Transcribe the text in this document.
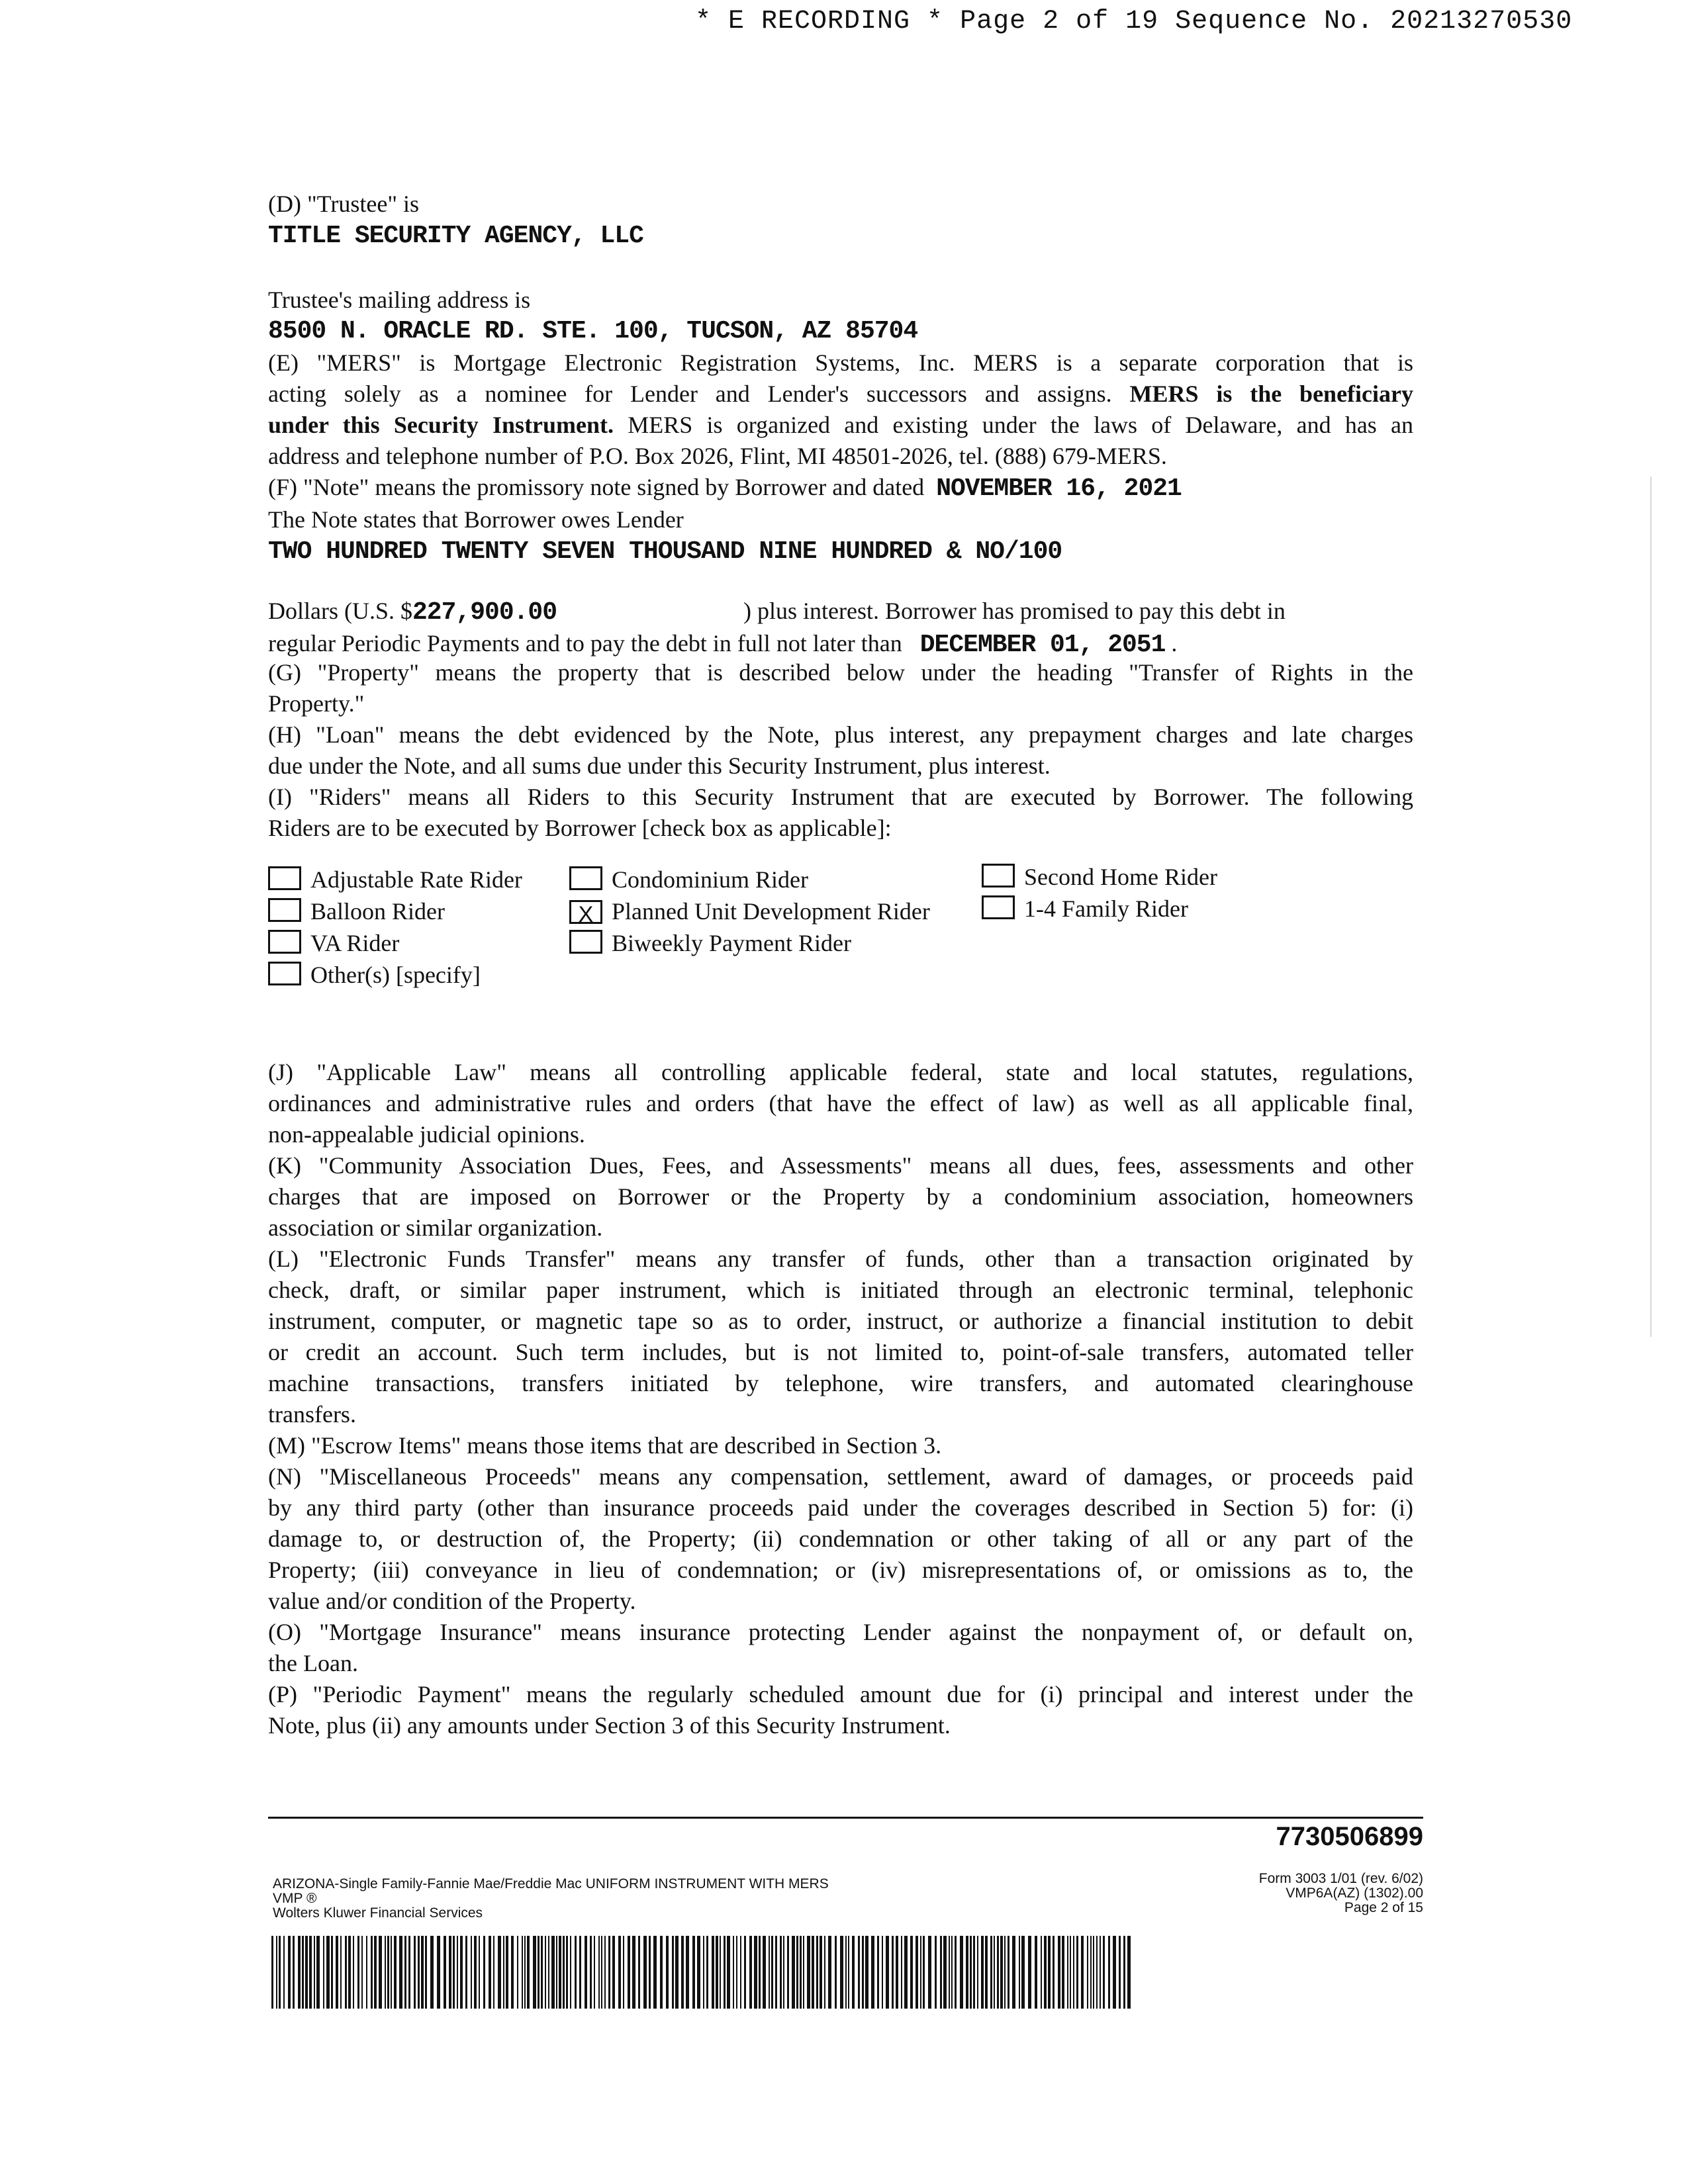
* E RECORDING * Page 2 of 19 Sequence No. 20213270530
(D) "Trustee" is
TITLE SECURITY AGENCY, LLC
Trustee's mailing address is
8500 N. ORACLE RD. STE. 100, TUCSON, AZ 85704
(E) "MERS" is Mortgage Electronic Registration Systems, Inc. MERS is a separate corporation that is
acting solely as a nominee for Lender and Lender's successors and assigns. MERS is the beneficiary
under this Security Instrument. MERS is organized and existing under the laws of Delaware, and has an
address and telephone number of P.O. Box 2026, Flint, MI 48501-2026, tel. (888) 679-MERS.
(F) "Note" means the promissory note signed by Borrower and dated NOVEMBER 16, 2021
The Note states that Borrower owes Lender
TWO HUNDRED TWENTY SEVEN THOUSAND NINE HUNDRED & NO/100
Dollars (U.S. $227,900.00	) plus interest. Borrower has promised to pay this debt in
regular Periodic Payments and to pay the debt in full not later than DECEMBER 01, 2051 .
(G) "Property" means the property that is described below under the heading "Transfer of Rights in the
Property."
(H) "Loan" means the debt evidenced by the Note, plus interest, any prepayment charges and late charges
due under the Note, and all sums due under this Security Instrument, plus interest.
(I) "Riders" means all Riders to this Security Instrument that are executed by Borrower. The following
Riders are to be executed by Borrower [check box as applicable]:
Adjustable Rate Rider	Condominium Rider	Second Home Rider
Balloon Rider	X Planned Unit Development Rider	1-4 Family Rider
VA Rider	Biweekly Payment Rider
Other(s) [specify]
(J) "Applicable Law" means all controlling applicable federal, state and local statutes, regulations,
ordinances and administrative rules and orders (that have the effect of law) as well as all applicable final,
non-appealable judicial opinions.
(K) "Community Association Dues, Fees, and Assessments" means all dues, fees, assessments and other
charges that are imposed on Borrower or the Property by a condominium association, homeowners
association or similar organization.
(L) "Electronic Funds Transfer" means any transfer of funds, other than a transaction originated by
check, draft, or similar paper instrument, which is initiated through an electronic terminal, telephonic
instrument, computer, or magnetic tape so as to order, instruct, or authorize a financial institution to debit
or credit an account. Such term includes, but is not limited to, point-of-sale transfers, automated teller
machine transactions, transfers initiated by telephone, wire transfers, and automated clearinghouse
transfers.
(M) "Escrow Items" means those items that are described in Section 3.
(N) "Miscellaneous Proceeds" means any compensation, settlement, award of damages, or proceeds paid
by any third party (other than insurance proceeds paid under the coverages described in Section 5) for: (i)
damage to, or destruction of, the Property; (ii) condemnation or other taking of all or any part of the
Property; (iii) conveyance in lieu of condemnation; or (iv) misrepresentations of, or omissions as to, the
value and/or condition of the Property.
(O) "Mortgage Insurance" means insurance protecting Lender against the nonpayment of, or default on,
the Loan.
(P) "Periodic Payment" means the regularly scheduled amount due for (i) principal and interest under the
Note, plus (ii) any amounts under Section 3 of this Security Instrument.
7730506899
ARIZONA-Single Family-Fannie Mae/Freddie Mac UNIFORM INSTRUMENT WITH MERS
VMP ®
Wolters Kluwer Financial Services
Form 3003 1/01 (rev. 6/02)
VMP6A(AZ) (1302).00
Page 2 of 15
